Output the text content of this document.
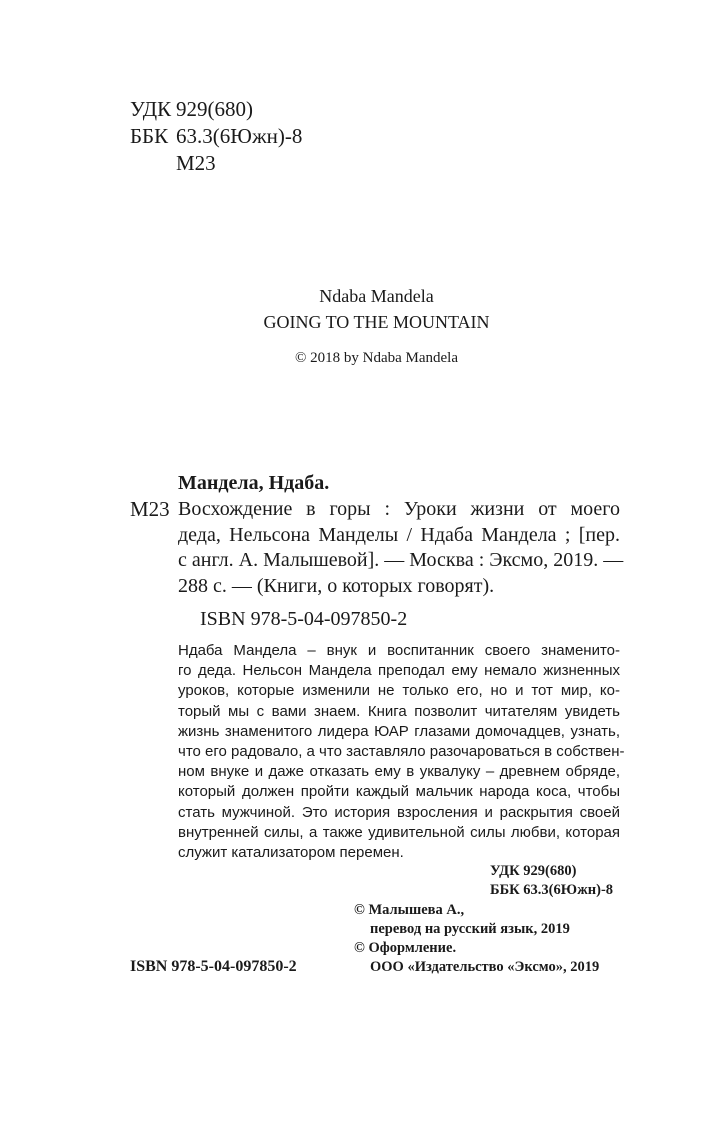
УДК 929(680)
ББК 63.3(6Южн)-8
М23
Ndaba Mandela
GOING TO THE MOUNTAIN
© 2018 by Ndaba Mandela
Мандела, Ндаба.
М23 Восхождение в горы : Уроки жизни от моего
деда, Нельсона Манделы / Ндаба Мандела ; [пер.
с англ. А. Малышевой]. — Москва : Эксмо, 2019. —
288 с. — (Книги, о которых говорят).
ISBN 978-5-04-097850-2
Ндаба Мандела – внук и воспитанник своего знаменито-
го деда. Нельсон Мандела преподал ему немало жизненных
уроков, которые изменили не только его, но и тот мир, ко-
торый мы с вами знаем. Книга позволит читателям увидеть
жизнь знаменитого лидера ЮАР глазами домочадцев, узнать,
что его радовало, а что заставляло разочароваться в собствен-
ном внуке и даже отказать ему в уквалуку – древнем обряде,
который должен пройти каждый мальчик народа коса, чтобы
стать мужчиной. Это история взросления и раскрытия своей
внутренней силы, а также удивительной силы любви, которая
служит катализатором перемен.
УДК 929(680)
ББК 63.3(6Южн)-8
© Малышева А.,
перевод на русский язык, 2019
© Оформление.
ООО «Издательство «Эксмо», 2019
ISBN 978-5-04-097850-2
